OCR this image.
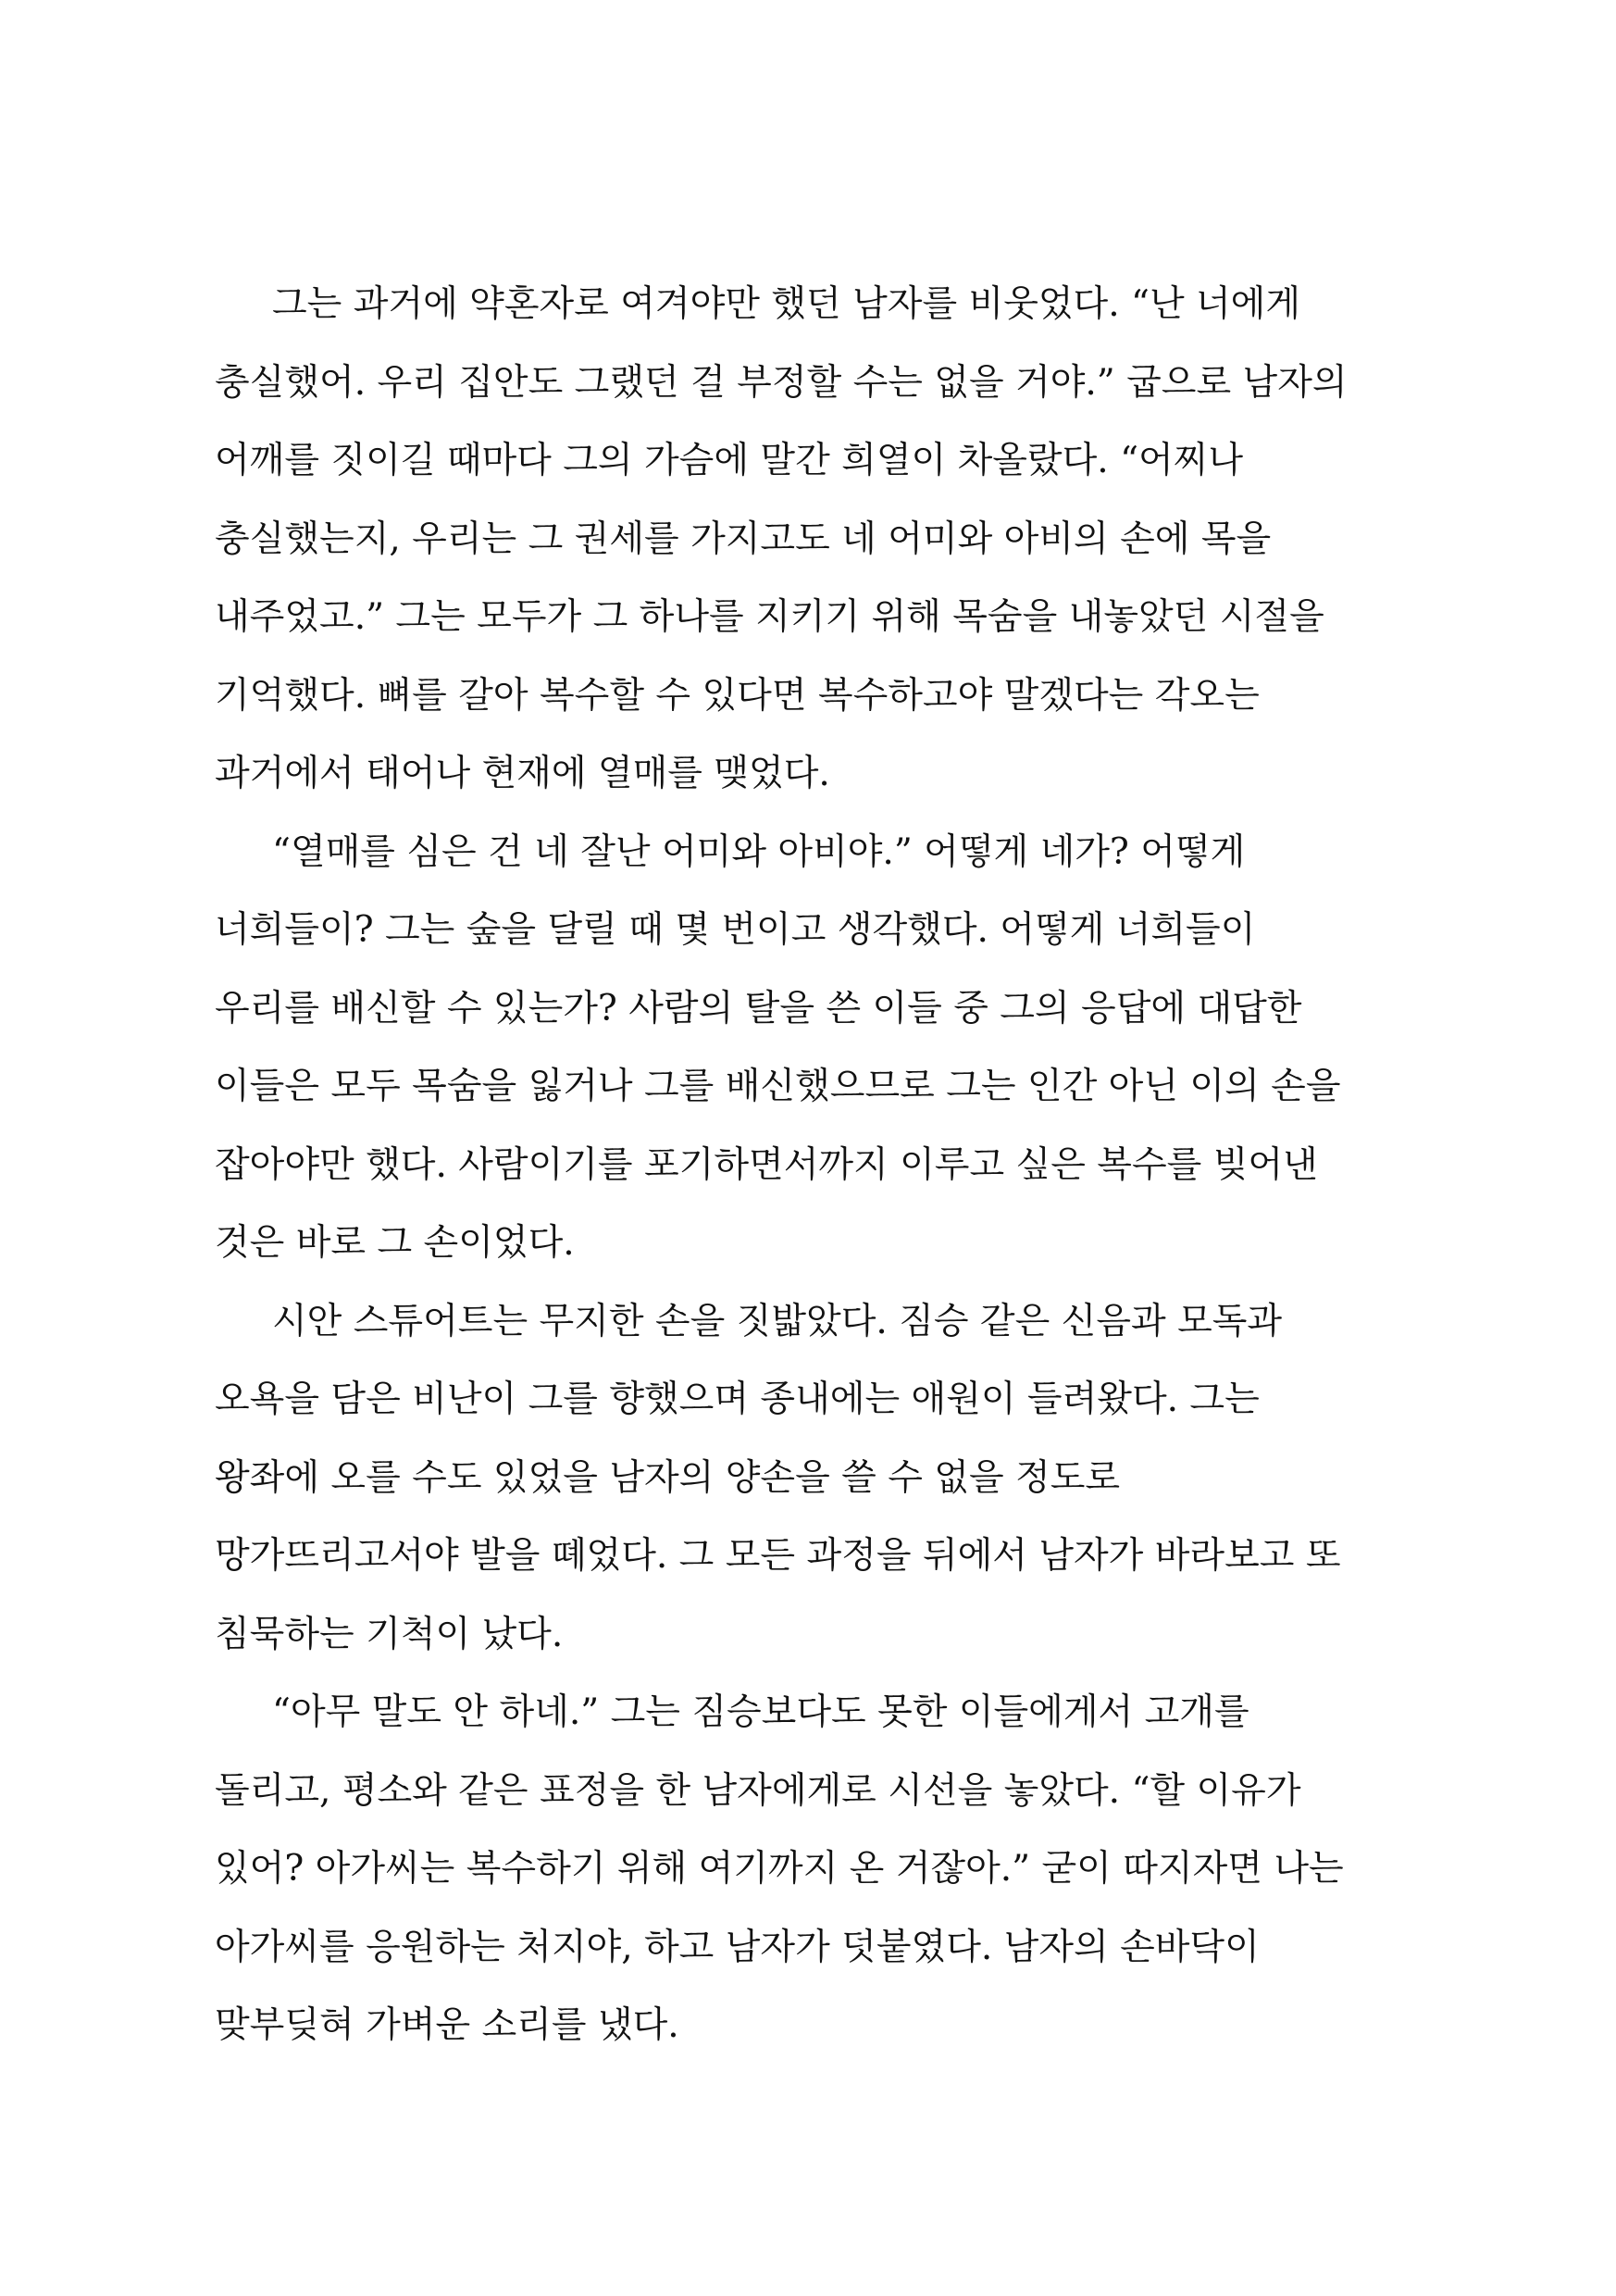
그는 과거에 약혼자로 여겨야만 했던 남자를 비웃었다. “난 너에게
충실했어. 우리 집안도 그랬던 걸 부정할 수는 없을 거야.” 굽으로 남자의
어깨를 짓이길 때마다 그의 가슴에 말간 희열이 차올랐다. “어찌나
충실했는지, 우리는 그 권세를 가지고도 네 어미와 아비의 손에 목을
내주었고.” 그는 모두가 그 하나를 지키기 위해 목숨을 내놓았던 시절을
기억했다. 뼈를 갈아 복수할 수 있다면 복수하고야 말겠다는 각오는
과거에서 태어나 현재에 열매를 맺었다.

“열매를 심은 건 네 잘난 어미와 아비야.” 어떻게 네가? 어떻게
너희들이? 그는 숲을 달릴 때 몇 번이고 생각했다. 어떻게 너희들이
우리를 배신할 수 있는가? 사람의 탈을 쓴 이들 중 그의 응답에 대답한
이들은 모두 목숨을 잃거나 그를 배신했으므로 그는 인간 아닌 이의 손을
잡아야만 했다. 사람이기를 포기하면서까지 이루고 싶은 복수를 빚어낸
것은 바로 그 손이었다.

시안 스튜어트는 무지한 손을 짓밟았다. 짐승 같은 신음과 모독과
오욕을 담은 비난이 그를 향했으며 종내에는 애원이 들려왔다. 그는
왕좌에 오를 수도 있었을 남자의 양손을 쓸 수 없을 정도로
망가뜨리고서야 발을 뗴었다. 그 모든 과정을 뒤에서 남자가 바라보고 또
침묵하는 기척이 났다.

“아무 말도 안 하네.” 그는 짐승보다도 못한 이들에게서 고개를
돌리고, 평소와 같은 표정을 한 남자에게로 시선을 놓았다. “할 이유가
있어? 아가씨는 복수하기 위해 여기까지 온 거잖아.” 굳이 따지자면 나는
아가씨를 응원하는 처지야, 하고 남자가 덧붙였다. 남자의 손바닥이
맞부딪혀 가벼운 소리를 냈다.
